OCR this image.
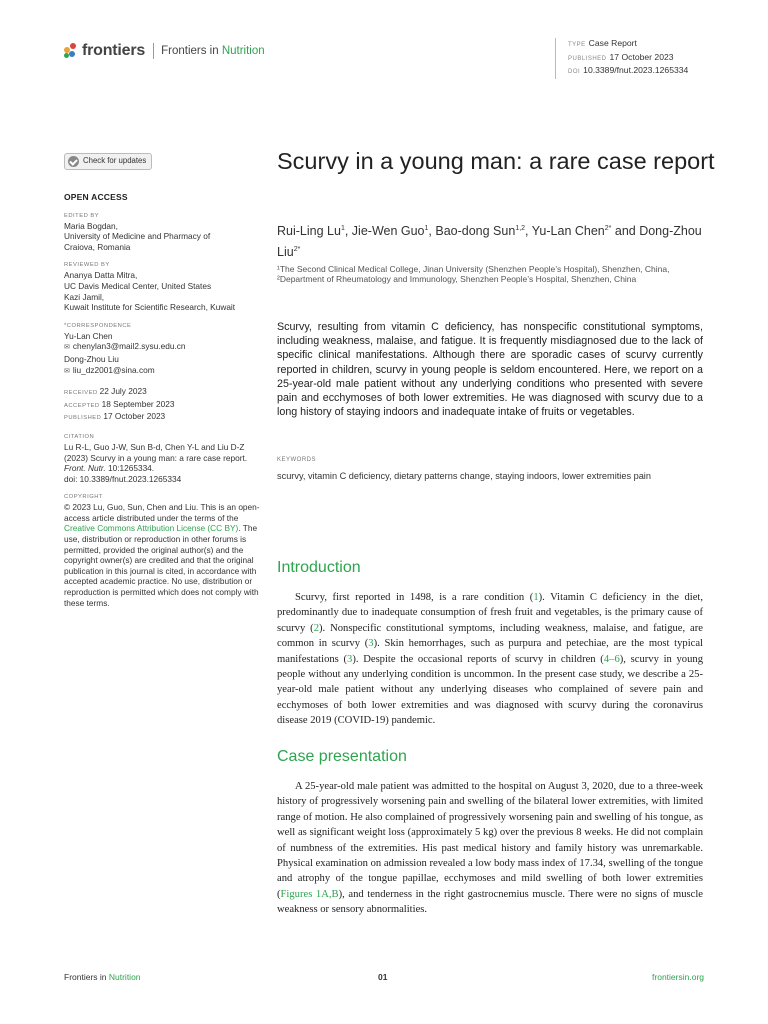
frontiers Frontiers in Nutrition	TYPE Case Report
PUBLISHED 17 October 2023
DOI 10.3389/fnut.2023.1265334
Check for updates
OPEN ACCESS
EDITED BY
Maria Bogdan,
University of Medicine and Pharmacy of
Craiova, Romania
REVIEWED BY
Ananya Datta Mitra,
UC Davis Medical Center, United States
Kazi Jamil,
Kuwait Institute for Scientific Research, Kuwait
*CORRESPONDENCE
Yu-Lan Chen
✉ chenylan3@mail2.sysu.edu.cn
Dong-Zhou Liu
✉ liu_dz2001@sina.com
RECEIVED 22 July 2023
ACCEPTED 18 September 2023
PUBLISHED 17 October 2023
CITATION
Lu R-L, Guo J-W, Sun B-d, Chen Y-L and Liu D-Z (2023) Scurvy in a young man: a rare case report.
Front. Nutr. 10:1265334.
doi: 10.3389/fnut.2023.1265334
COPYRIGHT
© 2023 Lu, Guo, Sun, Chen and Liu. This is an open-access article distributed under the terms of the Creative Commons Attribution License (CC BY). The use, distribution or reproduction in other forums is permitted, provided the original author(s) and the copyright owner(s) are credited and that the original publication in this journal is cited, in accordance with accepted academic practice. No use, distribution or reproduction is permitted which does not comply with these terms.
Scurvy in a young man: a rare case report
Rui-Ling Lu$^1$, Jie-Wen Guo$^1$, Bao-dong Sun$^{1,2}$, Yu-Lan Chen$^{2*}$ and Dong-Zhou Liu$^{2*}$
¹The Second Clinical Medical College, Jinan University (Shenzhen People’s Hospital), Shenzhen, China, ²Department of Rheumatology and Immunology, Shenzhen People’s Hospital, Shenzhen, China
Scurvy, resulting from vitamin C deficiency, has nonspecific constitutional symptoms, including weakness, malaise, and fatigue. It is frequently misdiagnosed due to the lack of specific clinical manifestations. Although there are sporadic cases of scurvy currently reported in children, scurvy in young people is seldom encountered. Here, we report on a 25-year-old male patient without any underlying conditions who presented with severe pain and ecchymoses of both lower extremities. He was diagnosed with scurvy due to a long history of staying indoors and inadequate intake of fruits or vegetables.
KEYWORDS
scurvy, vitamin C deficiency, dietary patterns change, staying indoors, lower extremities pain
Introduction
Scurvy, first reported in 1498, is a rare condition (1). Vitamin C deficiency in the diet, predominantly due to inadequate consumption of fresh fruit and vegetables, is the primary cause of scurvy (2). Nonspecific constitutional symptoms, including weakness, malaise, and fatigue, are common in scurvy (3). Skin hemorrhages, such as purpura and petechiae, are the most typical manifestations (3). Despite the occasional reports of scurvy in children (4–6), scurvy in young people without any underlying condition is uncommon. In the present case study, we describe a 25-year-old male patient without any underlying diseases who complained of severe pain and ecchymoses of both lower extremities and was diagnosed with scurvy during the coronavirus disease 2019 (COVID-19) pandemic.
Case presentation
A 25-year-old male patient was admitted to the hospital on August 3, 2020, due to a three-week history of progressively worsening pain and swelling of the bilateral lower extremities, with limited range of motion. He also complained of progressively worsening pain and swelling of his tongue, as well as significant weight loss (approximately 5 kg) over the previous 8 weeks. He did not complain of numbness of the extremities. His past medical history and family history was unremarkable. Physical examination on admission revealed a low body mass index of 17.34, swelling of the tongue and atrophy of the tongue papillae, ecchymoses and mild swelling of both lower extremities (Figures 1A,B), and tenderness in the right gastrocnemius muscle. There were no signs of muscle weakness or sensory abnormalities.
Frontiers in Nutrition	01	frontiersin.org
